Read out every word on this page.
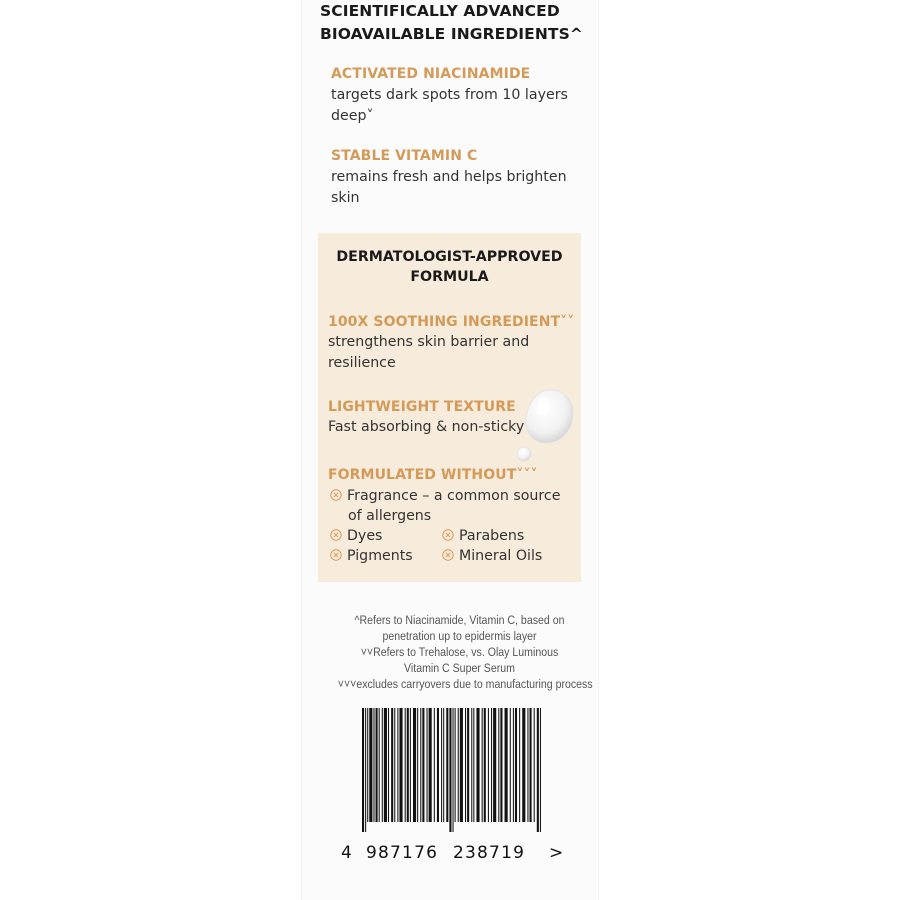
SCIENTIFICALLY ADVANCED
BIOAVAILABLE INGREDIENTS^
ACTIVATED NIACINAMIDE

targets dark spots from 10 layers
deep˅

STABLE VITAMIN C

remains fresh and helps brighten
skin

DERMATOLOGIST-APPROVED
FORMULA
100X SOOTHING INGREDIENT˅˅

strengthens skin barrier and
resilience

LIGHTWEIGHT TEXTURE

Fast absorbing & non-sticky

FORMULATED WITHOUT˅˅˅
Fragrance – a common source
of allergens
Dyes	Parabens
Pigments	Mineral Oils
^Refers to Niacinamide, Vitamin C, based on
penetration up to epidermis layer
˅˅Refers to Trehalose, vs. Olay Luminous
Vitamin C Super Serum
˅˅˅excludes carryovers due to manufacturing process
4 987176 238719 >
